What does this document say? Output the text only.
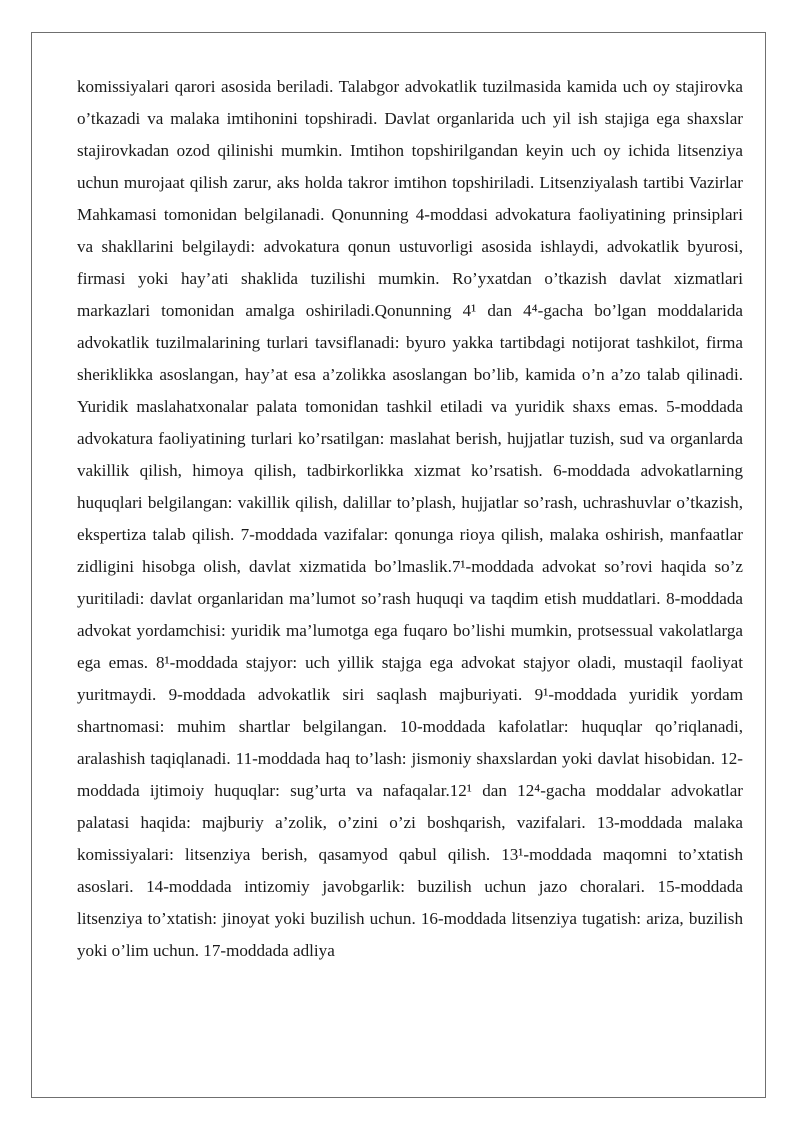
komissiyalari qarori asosida beriladi. Talabgor advokatlik tuzilmasida kamida uch oy stajirovka o’tkazadi va malaka imtihonini topshiradi. Davlat organlarida uch yil ish stajiga ega shaxslar stajirovkadan ozod qilinishi mumkin. Imtihon topshirilgandan keyin uch oy ichida litsenziya uchun murojaat qilish zarur, aks holda takror imtihon topshiriladi. Litsenziyalash tartibi Vazirlar Mahkamasi tomonidan belgilanadi. Qonunning 4-moddasi advokatura faoliyatining prinsiplari va shakllarini belgilaydi: advokatura qonun ustuvorligi asosida ishlaydi, advokatlik byurosi, firmasi yoki hay’ati shaklida tuzilishi mumkin. Ro’yxatdan o’tkazish davlat xizmatlari markazlari tomonidan amalga oshiriladi.Qonunning 4¹ dan 4⁴-gacha bo’lgan moddalarida advokatlik tuzilmalarining turlari tavsiflanadi: byuro yakka tartibdagi notijorat tashkilot, firma sheriklikka asoslangan, hay’at esa a’zolikka asoslangan bo’lib, kamida o’n a’zo talab qilinadi. Yuridik maslahatxonalar palata tomonidan tashkil etiladi va yuridik shaxs emas. 5-moddada advokatura faoliyatining turlari ko’rsatilgan: maslahat berish, hujjatlar tuzish, sud va organlarda vakillik qilish, himoya qilish, tadbirkorlikka xizmat ko’rsatish. 6-moddada advokatlarning huquqlari belgilangan: vakillik qilish, dalillar to’plash, hujjatlar so’rash, uchrashuvlar o’tkazish, ekspertiza talab qilish. 7-moddada vazifalar: qonunga rioya qilish, malaka oshirish, manfaatlar zidligini hisobga olish, davlat xizmatida bo’lmaslik.7¹-moddada advokat so’rovi haqida so’z yuritiladi: davlat organlaridan ma’lumot so’rash huquqi va taqdim etish muddatlari. 8-moddada advokat yordamchisi: yuridik ma’lumotga ega fuqaro bo’lishi mumkin, protsessual vakolatlarga ega emas. 8¹-moddada stajyor: uch yillik stajga ega advokat stajyor oladi, mustaqil faoliyat yuritmaydi. 9-moddada advokatlik siri saqlash majburiyati. 9¹-moddada yuridik yordam shartnomasi: muhim shartlar belgilangan. 10-moddada kafolatlar: huquqlar qo’riqlanadi, aralashish taqiqlanadi. 11-moddada haq to’lash: jismoniy shaxslardan yoki davlat hisobidan. 12-moddada ijtimoiy huquqlar: sug’urta va nafaqalar.12¹ dan 12⁴-gacha moddalar advokatlar palatasi haqida: majburiy a’zolik, o’zini o’zi boshqarish, vazifalari. 13-moddada malaka komissiyalari: litsenziya berish, qasamyod qabul qilish. 13¹-moddada maqomni to’xtatish asoslari. 14-moddada intizomiy javobgarlik: buzilish uchun jazo choralari. 15-moddada litsenziya to’xtatish: jinoyat yoki buzilish uchun. 16-moddada litsenziya tugatish: ariza, buzilish yoki o’lim uchun. 17-moddada adliya
